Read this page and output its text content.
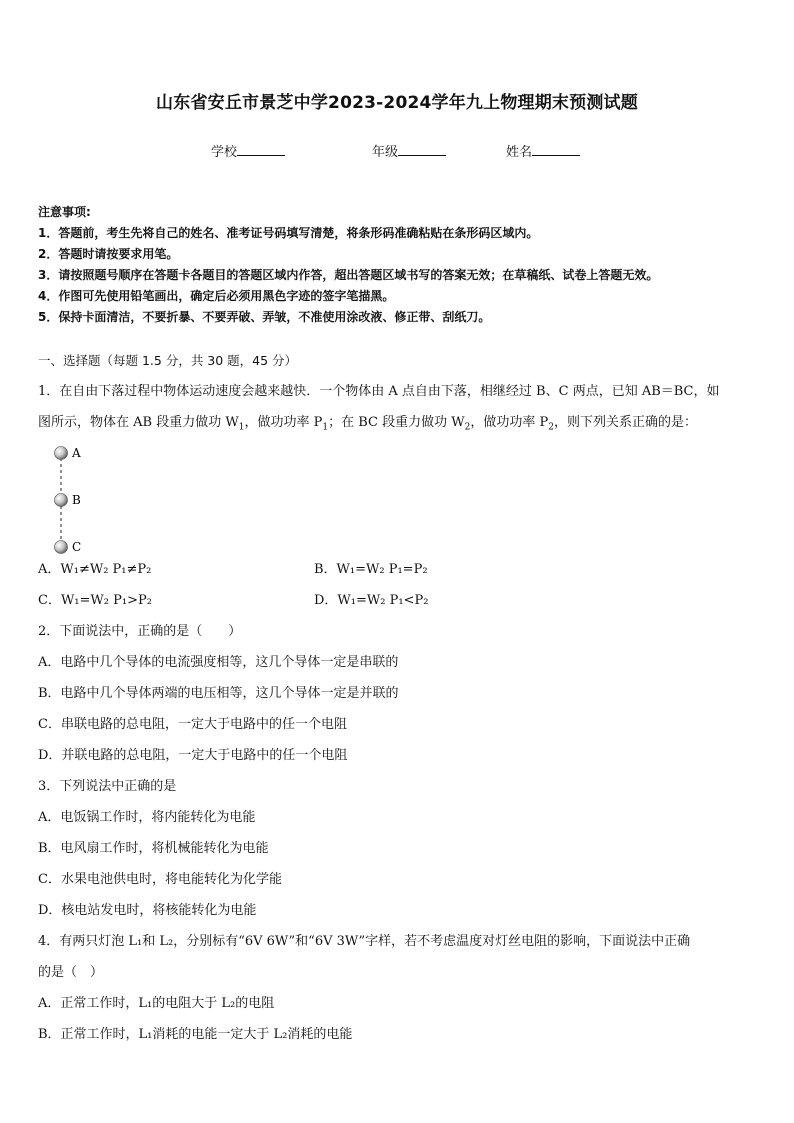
山东省安丘市景芝中学2023-2024学年九上物理期末预测试题
学校	年级	姓名
注意事项:
1．答题前，考生先将自己的姓名、准考证号码填写清楚，将条形码准确粘贴在条形码区域内。
2．答题时请按要求用笔。
3．请按照题号顺序在答题卡各题目的答题区域内作答，超出答题区域书写的答案无效；在草稿纸、试卷上答题无效。
4．作图可先使用铅笔画出，确定后必须用黑色字迹的签字笔描黑。
5．保持卡面清洁，不要折暴、不要弄破、弄皱，不准使用涂改液、修正带、刮纸刀。
一、选择题（每题 1.5 分，共 30 题，45 分）
1．在自由下落过程中物体运动速度会越来越快．一个物体由 A 点自由下落，相继经过 B、C 两点，已知 AB＝BC，如
图所示，物体在 AB 段重力做功 $W_1$，做功功率 $P_1$；在 BC 段重力做功 $W_2$，做功功率 $P_2$，则下列关系正确的是：
A
B
C
A．W₁≠W₂ P₁≠P₂	B．W₁=W₂ P₁=P₂
C．W₁=W₂ P₁>P₂	D．W₁=W₂ P₁<P₂
2．下面说法中，正确的是（　　）
A．电路中几个导体的电流强度相等，这几个导体一定是串联的
B．电路中几个导体两端的电压相等，这几个导体一定是并联的
C．串联电路的总电阻，一定大于电路中的任一个电阻
D．并联电路的总电阻，一定大于电路中的任一个电阻
3．下列说法中正确的是
A．电饭锅工作时，将内能转化为电能
B．电风扇工作时，将机械能转化为电能
C．水果电池供电时，将电能转化为化学能
D．核电站发电时，将核能转化为电能
4．有两只灯泡 L₁和 L₂，分别标有“6V 6W”和“6V 3W”字样，若不考虑温度对灯丝电阻的影响，下面说法中正确
的是（　）
A．正常工作时，L₁的电阻大于 L₂的电阻
B．正常工作时，L₁消耗的电能一定大于 L₂消耗的电能
